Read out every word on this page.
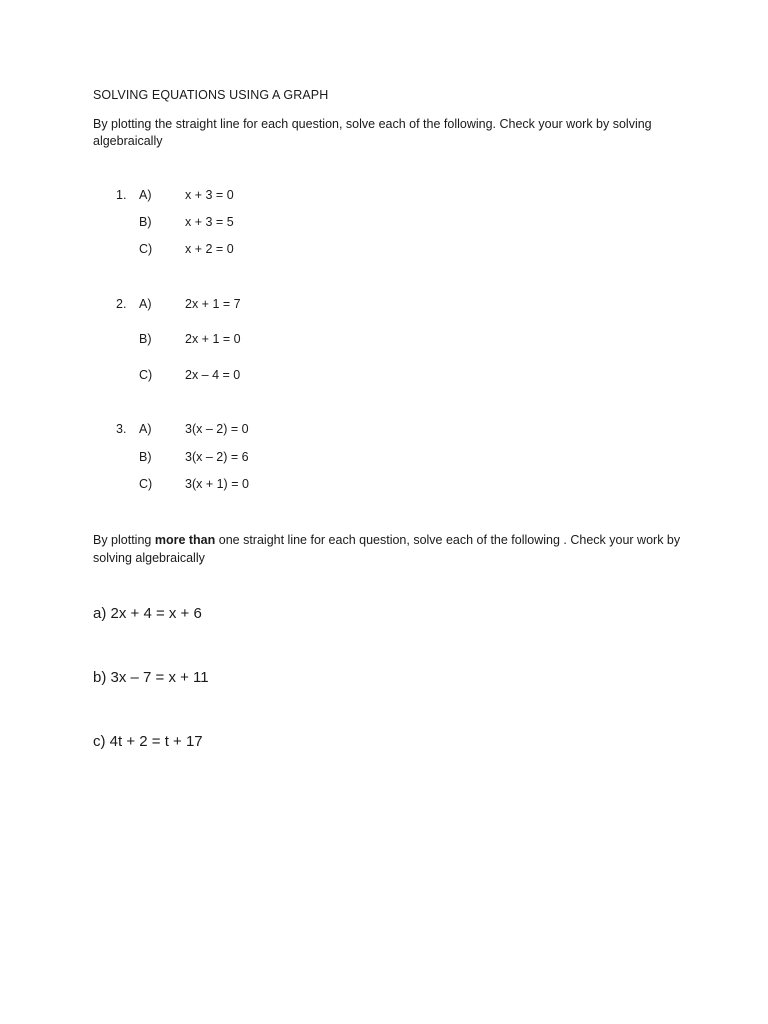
SOLVING EQUATIONS USING A GRAPH
By plotting the straight line for each question, solve each of the following. Check your work by solving algebraically
1. A)	x + 3 = 0
B)	x + 3 = 5
C)	x + 2 = 0
2. A)	2x + 1 = 7
B)	2x + 1 = 0
C)	2x – 4 = 0
3. A)	3(x – 2) = 0
B)	3(x – 2) = 6
C)	3(x + 1) = 0
By plotting more than one straight line for each question, solve each of the following . Check your work by solving algebraically
a) 2x + 4 = x + 6
b) 3x – 7 = x + 11
c) 4t + 2 = t + 17
